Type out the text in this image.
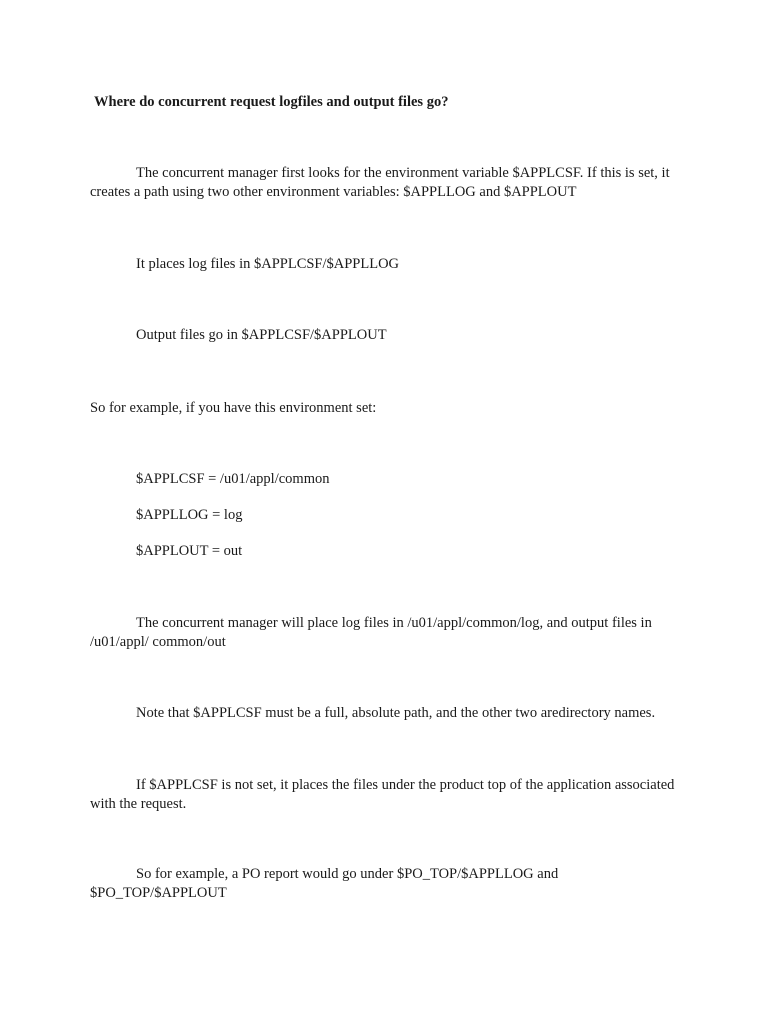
Where do concurrent request logfiles and output files go?

The concurrent manager first looks for the environment variable $APPLCSF. If this is set, it creates a path using two other environment variables: $APPLLOG and $APPLOUT

It places log files in $APPLCSF/$APPLLOG

Output files go in $APPLCSF/$APPLOUT

So for example, if you have this environment set:

$APPLCSF = /u01/appl/common

$APPLLOG = log

$APPLOUT = out

The concurrent manager will place log files in /u01/appl/common/log, and output files in /u01/appl/ common/out

Note that $APPLCSF must be a full, absolute path, and the other two aredirectory names.

If $APPLCSF is not set, it places the files under the product top of the application associated with the request.

So for example, a PO report would go under $PO_TOP/$APPLLOG and $PO_TOP/$APPLOUT
